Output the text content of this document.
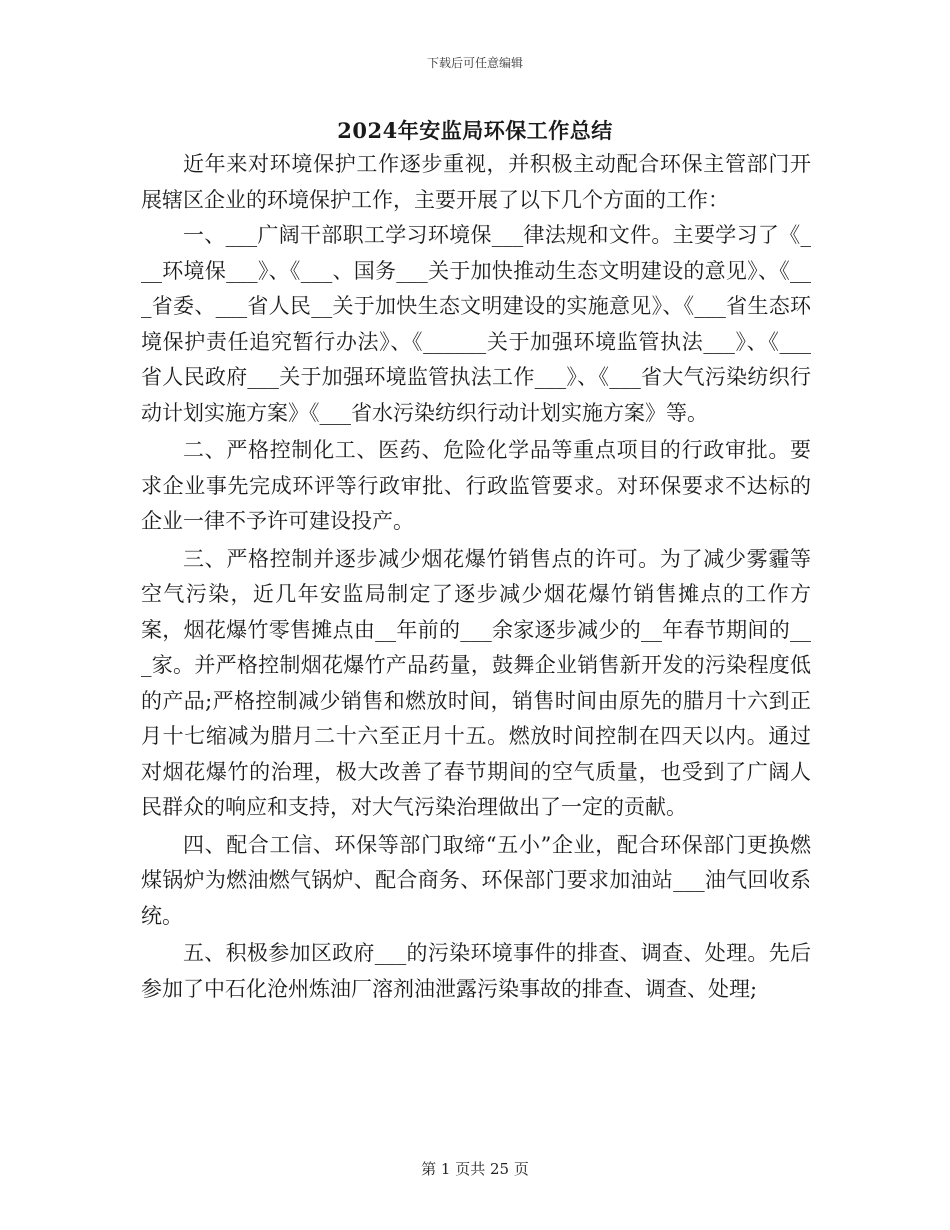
下载后可任意编辑
2024年安监局环保工作总结

近年来对环境保护工作逐步重视，并积极主动配合环保主管部门开展辖区企业的环境保护工作，主要开展了以下几个方面的工作：

一、___广阔干部职工学习环境保___律法规和文件。主要学习了《___环境保___》、《___、国务___关于加快推动生态文明建设的意见》、《___省委、___省人民__关于加快生态文明建设的实施意见》、《___省生态环境保护责任追究暂行办法》、《______关于加强环境监管执法___》、《___省人民政府___关于加强环境监管执法工作___》、《___省大气污染纺织行动计划实施方案》《___省水污染纺织行动计划实施方案》等。

二、严格控制化工、医药、危险化学品等重点项目的行政审批。要求企业事先完成环评等行政审批、行政监管要求。对环保要求不达标的企业一律不予许可建设投产。

三、严格控制并逐步减少烟花爆竹销售点的许可。为了减少雾霾等空气污染，近几年安监局制定了逐步减少烟花爆竹销售摊点的工作方案，烟花爆竹零售摊点由__年前的___余家逐步减少的__年春节期间的___家。并严格控制烟花爆竹产品药量，鼓舞企业销售新开发的污染程度低的产品;严格控制减少销售和燃放时间，销售时间由原先的腊月十六到正月十七缩减为腊月二十六至正月十五。燃放时间控制在四天以内。通过对烟花爆竹的治理，极大改善了春节期间的空气质量，也受到了广阔人民群众的响应和支持，对大气污染治理做出了一定的贡献。

四、配合工信、环保等部门取缔“五小”企业，配合环保部门更换燃煤锅炉为燃油燃气锅炉、配合商务、环保部门要求加油站___油气回收系统。

五、积极参加区政府___的污染环境事件的排查、调查、处理。先后参加了中石化沧州炼油厂溶剂油泄露污染事故的排查、调查、处理;

第 1 页共 25 页
